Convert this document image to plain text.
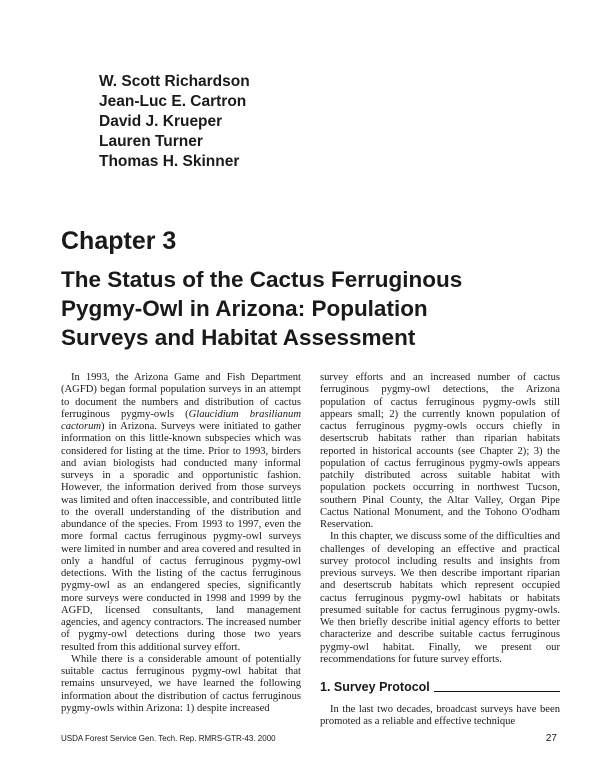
W. Scott Richardson
Jean-Luc E. Cartron
David J. Krueper
Lauren Turner
Thomas H. Skinner
Chapter 3
The Status of the Cactus Ferruginous
Pygmy-Owl in Arizona: Population
Surveys and Habitat Assessment

In 1993, the Arizona Game and Fish Department (AGFD) began formal population surveys in an attempt to document the numbers and distribution of cactus ferruginous pygmy-owls (Glaucidium brasilianum cactorum) in Arizona. Surveys were initiated to gather information on this little-known subspecies which was considered for listing at the time. Prior to 1993, birders and avian biologists had conducted many informal surveys in a sporadic and opportunistic fashion. However, the information derived from those surveys was limited and often inaccessible, and contributed little to the overall understanding of the distribution and abundance of the species. From 1993 to 1997, even the more formal cactus ferruginous pygmy-owl surveys were limited in number and area covered and resulted in only a handful of cactus ferruginous pygmy-owl detections. With the listing of the cactus ferruginous pygmy-owl as an endangered species, significantly more surveys were conducted in 1998 and 1999 by the AGFD, licensed consultants, land management agencies, and agency contractors. The increased number of pygmy-owl detections during those two years resulted from this additional survey effort.

While there is a considerable amount of potentially suitable cactus ferruginous pygmy-owl habitat that remains unsurveyed, we have learned the following information about the distribution of cactus ferruginous pygmy-owls within Arizona: 1) despite increased

survey efforts and an increased number of cactus ferruginous pygmy-owl detections, the Arizona population of cactus ferruginous pygmy-owls still appears small; 2) the currently known population of cactus ferruginous pygmy-owls occurs chiefly in desertscrub habitats rather than riparian habitats reported in historical accounts (see Chapter 2); 3) the population of cactus ferruginous pygmy-owls appears patchily distributed across suitable habitat with population pockets occurring in northwest Tucson, southern Pinal County, the Altar Valley, Organ Pipe Cactus National Monument, and the Tohono O'odham Reservation.

In this chapter, we discuss some of the difficulties and challenges of developing an effective and practical survey protocol including results and insights from previous surveys. We then describe important riparian and desertscrub habitats which represent occupied cactus ferruginous pygmy-owl habitats or habitats presumed suitable for cactus ferruginous pygmy-owls. We then briefly describe initial agency efforts to better characterize and describe suitable cactus ferruginous pygmy-owl habitat. Finally, we present our recommendations for future survey efforts.

1. Survey Protocol

In the last two decades, broadcast surveys have been promoted as a reliable and effective technique

USDA Forest Service Gen. Tech. Rep. RMRS-GTR-43. 2000	27
